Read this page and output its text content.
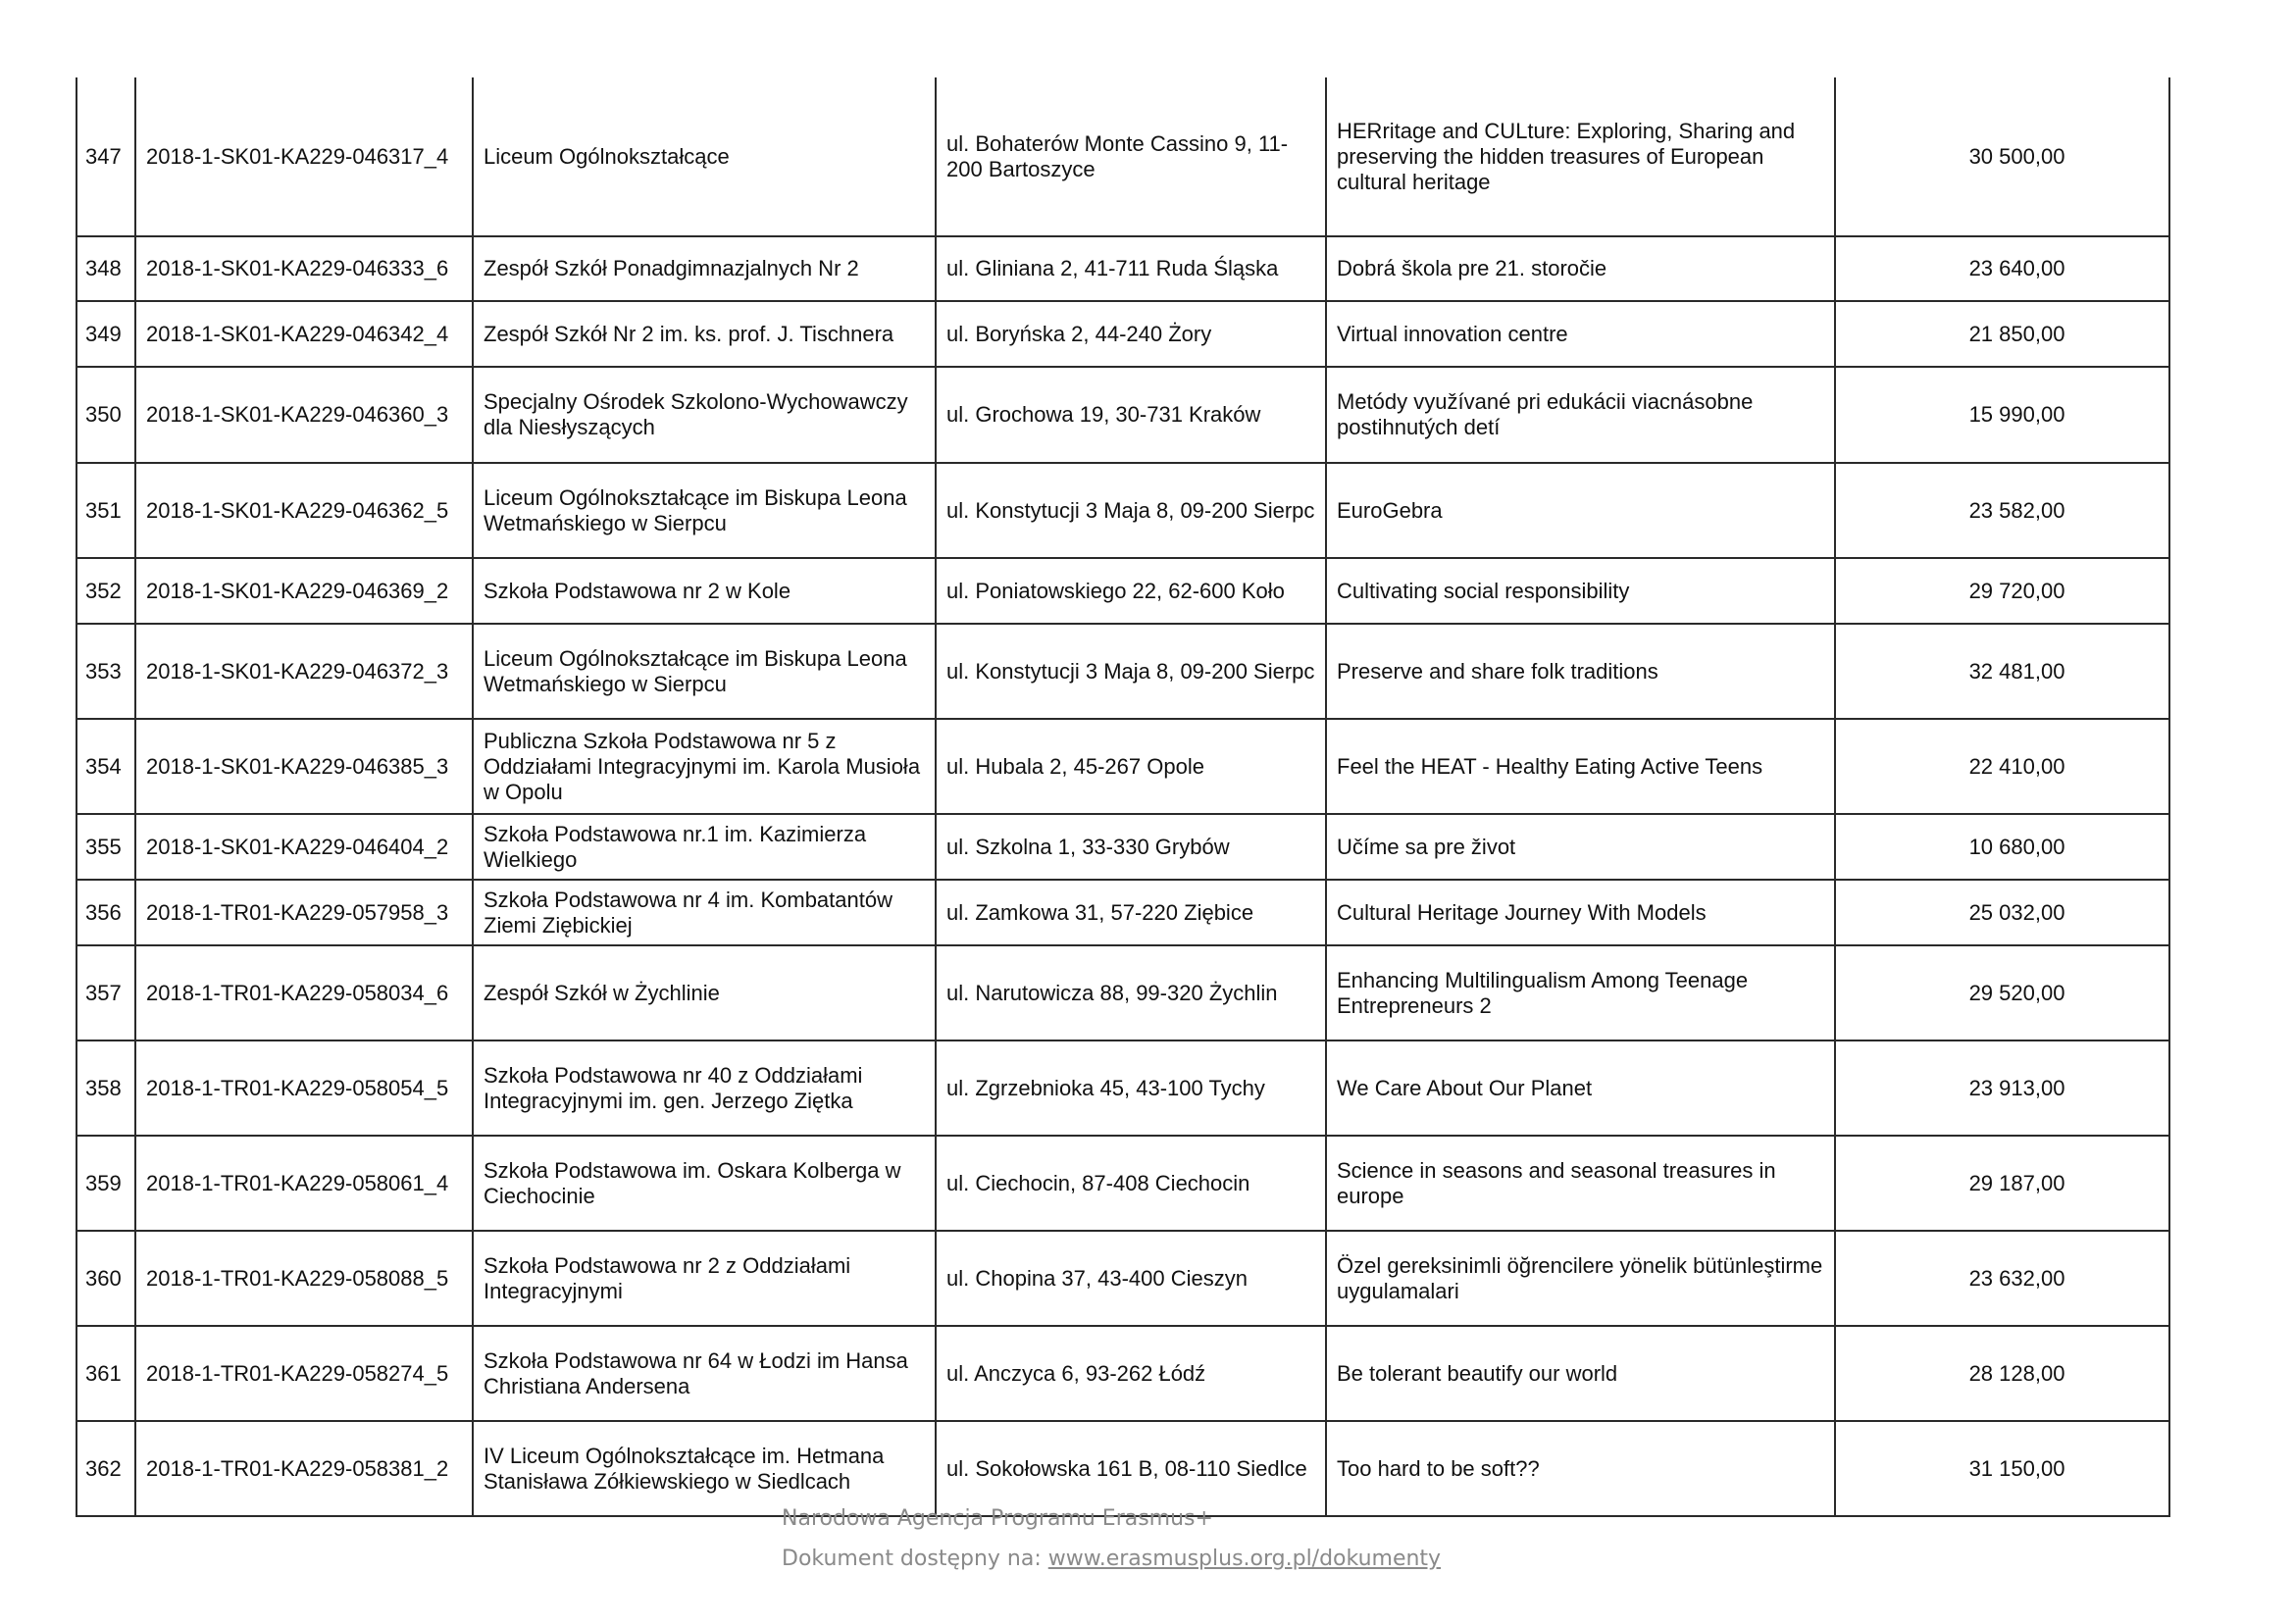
347	2018-1-SK01-KA229-046317_4	Liceum Ogólnokształcące	ul. Bohaterów Monte Cassino 9, 11-200 Bartoszyce	HERritage and CULture: Exploring, Sharing and preserving the hidden treasures of European cultural heritage	30 500,00
348	2018-1-SK01-KA229-046333_6	Zespół Szkół Ponadgimnazjalnych Nr 2	ul. Gliniana 2, 41-711 Ruda Śląska	Dobrá škola pre 21. storočie	23 640,00
349	2018-1-SK01-KA229-046342_4	Zespół Szkół Nr 2 im. ks. prof. J. Tischnera	ul. Boryńska 2, 44-240 Żory	Virtual innovation centre	21 850,00
350	2018-1-SK01-KA229-046360_3	Specjalny Ośrodek Szkolono-Wychowawczy dla Niesłyszących	ul. Grochowa 19, 30-731 Kraków	Metódy využívané pri edukácii viacnásobne postihnutých detí	15 990,00
351	2018-1-SK01-KA229-046362_5	Liceum Ogólnokształcące im Biskupa Leona Wetmańskiego w Sierpcu	ul. Konstytucji 3 Maja 8, 09-200 Sierpc	EuroGebra	23 582,00
352	2018-1-SK01-KA229-046369_2	Szkoła Podstawowa nr 2 w Kole	ul. Poniatowskiego 22, 62-600 Koło	Cultivating social responsibility	29 720,00
353	2018-1-SK01-KA229-046372_3	Liceum Ogólnokształcące im Biskupa Leona Wetmańskiego w Sierpcu	ul. Konstytucji 3 Maja 8, 09-200 Sierpc	Preserve and share folk traditions	32 481,00
354	2018-1-SK01-KA229-046385_3	Publiczna Szkoła Podstawowa nr 5 z Oddziałami Integracyjnymi im. Karola Musioła w Opolu	ul. Hubala 2, 45-267 Opole	Feel the HEAT - Healthy Eating Active Teens	22 410,00
355	2018-1-SK01-KA229-046404_2	Szkoła Podstawowa nr.1 im. Kazimierza Wielkiego	ul. Szkolna 1, 33-330 Grybów	Učíme sa pre život	10 680,00
356	2018-1-TR01-KA229-057958_3	Szkoła Podstawowa nr 4 im. Kombatantów Ziemi Ziębickiej	ul. Zamkowa 31, 57-220 Ziębice	Cultural Heritage Journey With Models	25 032,00
357	2018-1-TR01-KA229-058034_6	Zespół Szkół w Żychlinie	ul. Narutowicza 88, 99-320 Żychlin	Enhancing Multilingualism Among Teenage Entrepreneurs 2	29 520,00
358	2018-1-TR01-KA229-058054_5	Szkoła Podstawowa nr 40 z Oddziałami Integracyjnymi im. gen. Jerzego Ziętka	ul. Zgrzebnioka 45, 43-100 Tychy	We Care About Our Planet	23 913,00
359	2018-1-TR01-KA229-058061_4	Szkoła Podstawowa im. Oskara Kolberga w Ciechocinie	ul. Ciechocin, 87-408 Ciechocin	Science in seasons and seasonal treasures in europe	29 187,00
360	2018-1-TR01-KA229-058088_5	Szkoła Podstawowa nr 2 z Oddziałami Integracyjnymi	ul. Chopina 37, 43-400 Cieszyn	Özel gereksinimli öğrencilere yönelik bütünleştirme uygulamalari	23 632,00
361	2018-1-TR01-KA229-058274_5	Szkoła Podstawowa nr 64 w Łodzi im Hansa Christiana Andersena	ul. Anczyca 6, 93-262 Łódź	Be tolerant beautify our world	28 128,00
362	2018-1-TR01-KA229-058381_2	IV Liceum Ogólnokształcące im. Hetmana Stanisława Zółkiewskiego w Siedlcach	ul. Sokołowska 161 B, 08-110 Siedlce	Too hard to be soft??	31 150,00
Narodowa Agencja Programu Erasmus+
Dokument dostępny na: www.erasmusplus.org.pl/dokumenty
